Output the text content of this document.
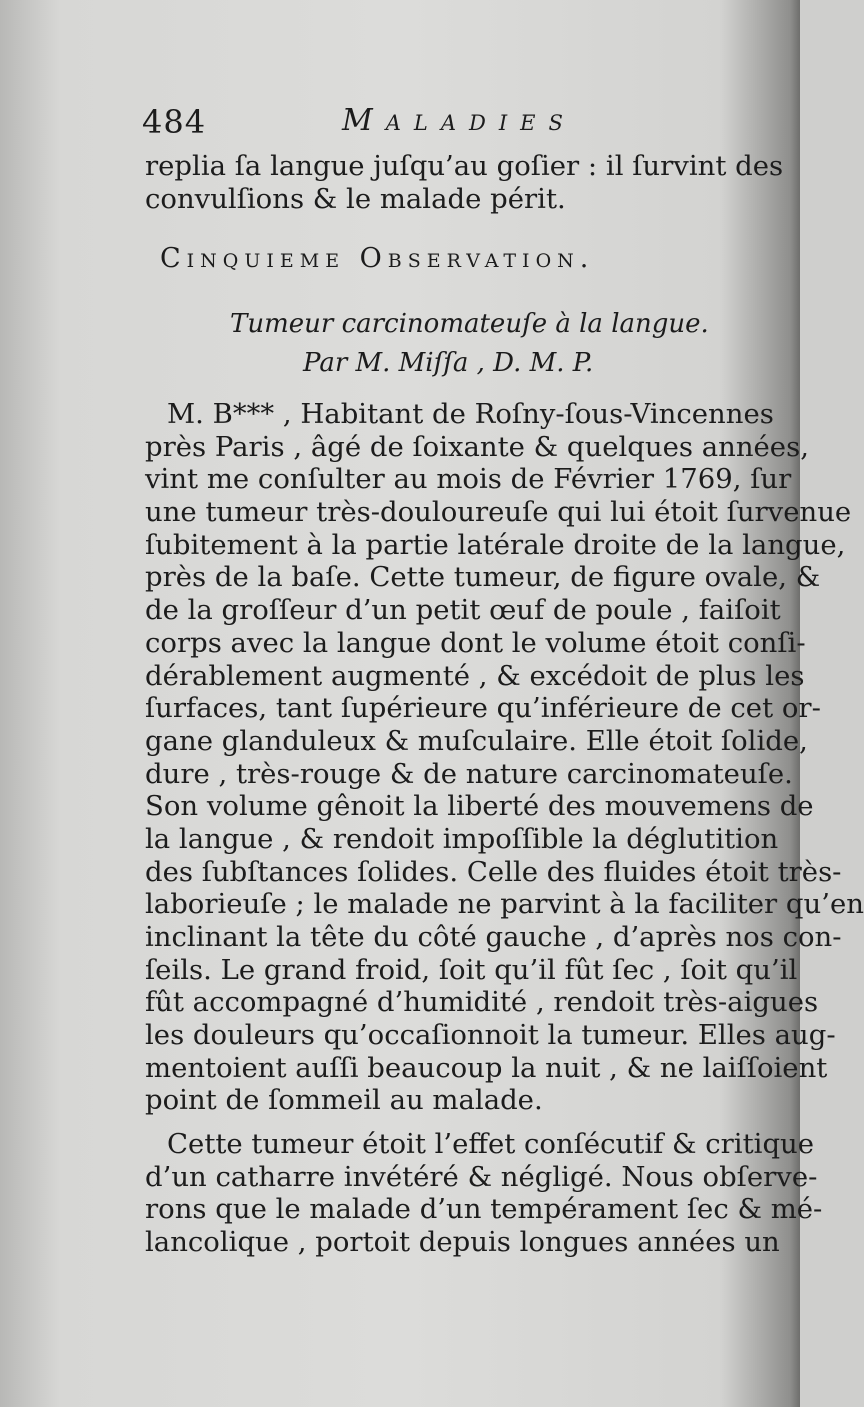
484	Maladies
replia ſa langue juſqu’au goſier : il ſurvint des
convulſions & le malade périt.
Cinquieme Observation.
Tumeur carcinomateuſe à la langue.
Par M. Miſſa , D. M. P.
M. B*** , Habitant de Roſny-ſous-Vincennes
près Paris , âgé de ſoixante & quelques années,
vint me conſulter au mois de Février 1769, ſur
une tumeur très-douloureuſe qui lui étoit ſurvenue
ſubitement à la partie latérale droite de la langue,
près de la baſe. Cette tumeur, de figure ovale, &
de la groſſeur d’un petit œuf de poule , faiſoit
corps avec la langue dont le volume étoit conſi-
dérablement augmenté , & excédoit de plus les
ſurfaces, tant ſupérieure qu’inférieure de cet or-
gane glanduleux & muſculaire. Elle étoit ſolide,
dure , très-rouge & de nature carcinomateuſe.
Son volume gênoit la liberté des mouvemens de
la langue , & rendoit impoſſible la déglutition
des ſubſtances ſolides. Celle des fluides étoit très-
laborieuſe ; le malade ne parvint à la faciliter qu’en
inclinant la tête du côté gauche , d’après nos con-
ſeils. Le grand froid, ſoit qu’il fût ſec , ſoit qu’il
fût accompagné d’humidité , rendoit très-aigues
les douleurs qu’occaſionnoit la tumeur. Elles aug-
mentoient auſſi beaucoup la nuit , & ne laiſſoient
point de ſommeil au malade.
Cette tumeur étoit l’effet conſécutif & critique
d’un catharre invétéré & négligé. Nous obſerve-
rons que le malade d’un tempérament ſec & mé-
lancolique , portoit depuis longues années un
